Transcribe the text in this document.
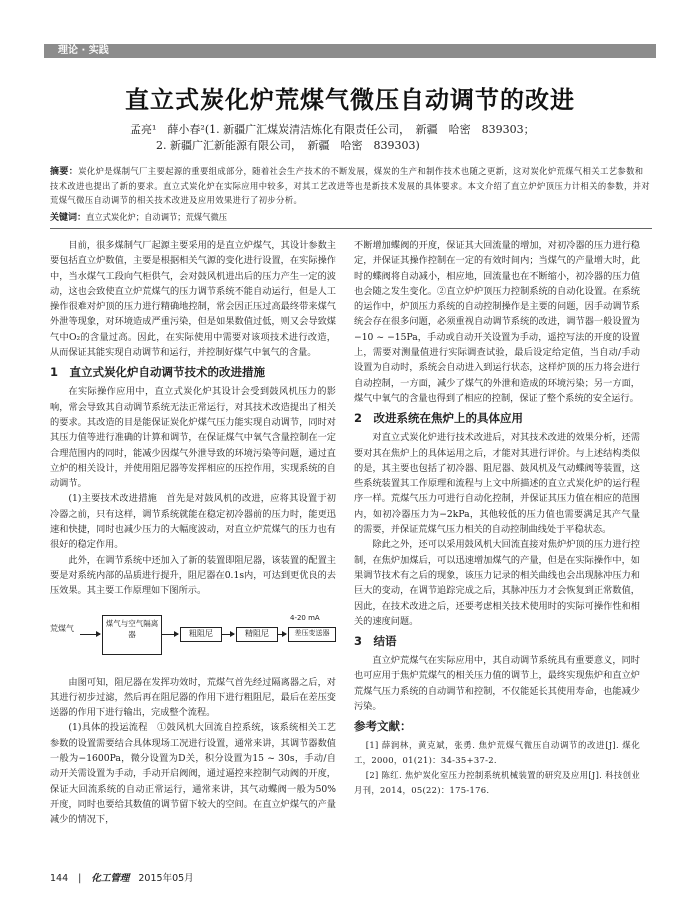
理论 · 实践
直立式炭化炉荒煤气微压自动调节的改进
孟亮¹　薛小春²(1. 新疆广汇煤炭清洁炼化有限责任公司，　新疆　哈密　839303；
2. 新疆广汇新能源有限公司，　新疆　哈密　839303)
摘要：炭化炉是煤制气厂主要起源的重要组成部分，随着社会生产技术的不断发展，煤炭的生产和制作技术也随之更新，这对炭化炉荒煤气相关工艺参数和技术改进也提出了新的要求。直立式炭化炉在实际应用中较多，对其工艺改进等也是新技术发展的具体要求。本文介绍了直立炉炉顶压力计相关的参数，并对荒煤气微压自动调节的相关技术改进及应用效果进行了初步分析。
关键词：直立式炭化炉；自动调节；荒煤气微压

目前，很多煤制气厂起源主要采用的是直立炉煤气，其设计参数主要包括直立炉数值，主要是根据相关气源的变化进行设置，在实际操作中，当水煤气工段向气柜供气，会对鼓风机进出后的压力产生一定的波动，这也会致使直立炉荒煤气的压力调节系统不能自动运行，但是人工操作很难对炉顶的压力进行精确地控制，常会因正压过高最终带来煤气外泄等现象，对环境造成严重污染，但是如果数值过低，则又会导致煤气中O₂的含量过高。因此，在实际使用中需要对该项技术进行改造，从而保证其能实现自动调节和运行，并控制好煤气中氧气的含量。

1　直立式炭化炉自动调节技术的改进措施

在实际操作应用中，直立式炭化炉其设计会受到鼓风机压力的影响，常会导致其自动调节系统无法正常运行，对其技术改造提出了相关的要求。其改造的目是能保证炭化炉煤气压力能实现自动调节，同时对其压力值等进行准确的计算和调节，在保证煤气中氧气含量控制在一定合理范围内的同时，能减少因煤气外泄导致的环境污染等问题，通过直立炉的相关设计，并使用阻尼器等发挥相应的压控作用，实现系统的自动调节。

(1)主要技术改进措施　首先是对鼓风机的改进，应将其设置于初冷器之前，只有这样，调节系统就能在稳定初冷器前的压力时，能更迅速和快捷，同时也减少压力的大幅度波动，对直立炉荒煤气的压力也有很好的稳定作用。

此外，在调节系统中还加入了新的装置即阻尼器，该装置的配置主要是对系统内部的品质进行提升，阻尼器在0.1s内，可达到更优良的去压效果。其主要工作原理如下图所示。

荒煤气
煤气与空气隔离器	粗阻尼	精阻尼	差压变送器
4-20 mA

由图可知，阻尼器在发挥功效时，荒煤气首先经过隔离器之后，对其进行初步过滤，然后再在阻尼器的作用下进行粗阻尼，最后在差压变送器的作用下进行输出，完成整个流程。

(1)具体的投运流程　①鼓风机大回流自控系统，该系统相关工艺参数的设置需要结合具体现场工况进行设置，通常来讲，其调节器数值一般为−1600Pa，微分设置为D关，积分设置为15 ~ 30s，手动/自动开关需设置为手动，手动开启阀阀，通过逼控来控制气动阀的开度，保证大回流系统的自动正常运行，通常来讲，其气动蝶阀一般为50%开度，同时也要给其数值的调节留下较大的空间。在直立炉煤气的产量减少的情况下，

不断增加蝶阀的开度，保证其大回流量的增加，对初冷器的压力进行稳定，并保证其操作控制在一定的有效时间内；当煤气的产量增大时，此时的蝶阀将自动减小，相应地，回流量也在不断缩小，初冷器的压力值也会随之发生变化。②直立炉炉顶压力控制系统的自动化设置。在系统的运作中，炉顶压力系统的自动控制操作是主要的问题，因手动调节系统会存在很多问题，必须重视自动调节系统的改进，调节器一般设置为−10 ~ −15Pa，手动或自动开关设置为手动，遥控写法的开度的设置上，需要对测量值进行实际调查试验，最后设定给定值，当自动/手动设置为自动时，系统会自动进入到运行状态，这样炉顶的压力将会进行自动控制，一方面，减少了煤气的外泄和造成的环境污染；另一方面，煤气中氧气的含量也得到了相应的控制，保证了整个系统的安全运行。

2　改进系统在焦炉上的具体应用

对直立式炭化炉进行技术改进后，对其技术改进的效果分析，还需要对其在焦炉上的具体运用之后，才能对其进行评价。与上述结构类似的是，其主要也包括了初冷器、阻尼器、鼓风机及气动蝶阀等装置，这些系统装置其工作原理和流程与上文中所描述的直立式炭化炉的运行程序一样。荒煤气压力可进行自动化控制，并保证其压力值在相应的范围内，如初冷器压力为−2kPa，其他较低的压力值也需要满足其产气量的需要，并保证荒煤气压力相关的自动控制曲线处于平稳状态。

除此之外，还可以采用鼓风机大回流直接对焦炉炉顶的压力进行控制，在焦炉加煤后，可以迅速增加煤气的产量，但是在实际操作中，如果调节技术有之后的现象，该压力记录的相关曲线也会出现脉冲压力和巨大的变动，在调节追踪完成之后，其脉冲压力才会恢复到正常数值，因此，在技术改进之后，还要考虑相关技术使用时的实际可操作性和相关的速度问题。

3　结语

直立炉荒煤气在实际应用中，其自动调节系统具有重要意义，同时也可应用于焦炉荒煤气的相关压力值的调节上，最终实现焦炉和直立炉荒煤气压力系统的自动调节和控制，不仅能延长其使用寿命，也能减少污染。

参考文献：
[1] 薛润林，黄克斌，张勇. 焦炉荒煤气微压自动调节的改进[J]. 煤化工，2000，01(21)：34-35+37-2.
[2] 陈红. 焦炉炭化室压力控制系统机械装置的研究及应用[J]. 科技创业月刊，2014，05(22)：175-176.
144 | 化工管理 2015年05月
